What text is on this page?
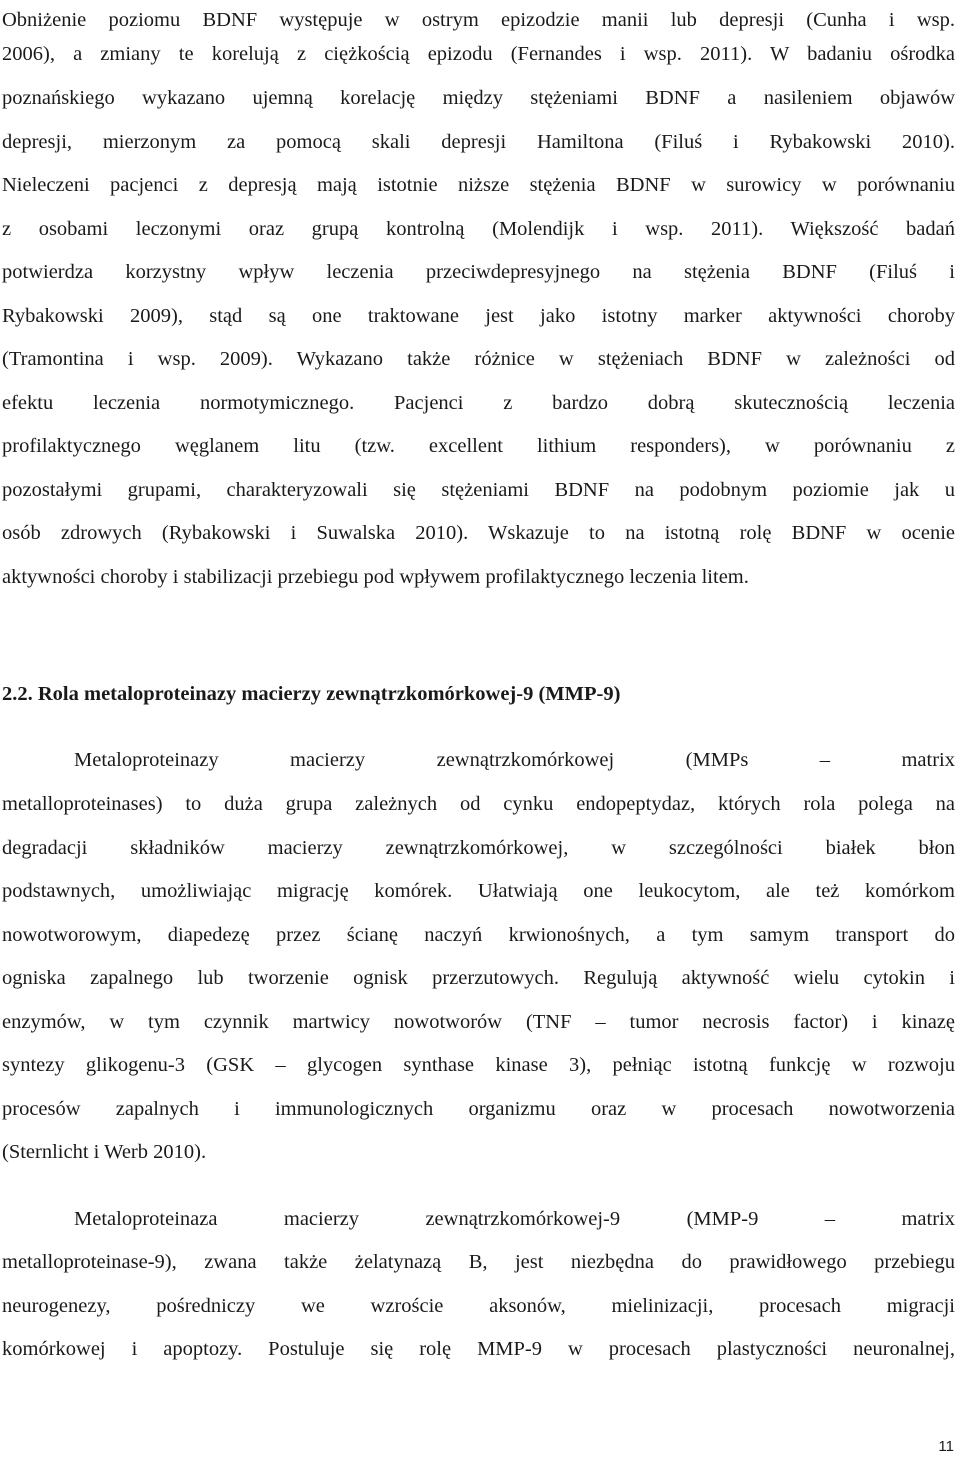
Obniżenie poziomu BDNF występuje w ostrym epizodzie manii lub depresji (Cunha i wsp.
2006), a zmiany te korelują z ciężkością epizodu (Fernandes i wsp. 2011). W badaniu ośrodka
poznańskiego wykazano ujemną korelację między stężeniami BDNF a nasileniem objawów
depresji, mierzonym za pomocą skali depresji Hamiltona (Filuś i Rybakowski 2010).
Nieleczeni pacjenci z depresją mają istotnie niższe stężenia BDNF w surowicy w porównaniu
z osobami leczonymi oraz grupą kontrolną (Molendijk i wsp. 2011). Większość badań
potwierdza korzystny wpływ leczenia przeciwdepresyjnego na stężenia BDNF (Filuś i
Rybakowski 2009), stąd są one traktowane jest jako istotny marker aktywności choroby
(Tramontina i wsp. 2009). Wykazano także różnice w stężeniach BDNF w zależności od
efektu leczenia normotymicznego. Pacjenci z bardzo dobrą skutecznością leczenia
profilaktycznego węglanem litu (tzw. excellent lithium responders), w porównaniu z
pozostałymi grupami, charakteryzowali się stężeniami BDNF na podobnym poziomie jak u
osób zdrowych (Rybakowski i Suwalska 2010). Wskazuje to na istotną rolę BDNF w ocenie
aktywności choroby i stabilizacji przebiegu pod wpływem profilaktycznego leczenia litem.
2.2. Rola metaloproteinazy macierzy zewnątrzkomórkowej-9 (MMP-9)
Metaloproteinazy macierzy zewnątrzkomórkowej (MMPs – matrix
metalloproteinases) to duża grupa zależnych od cynku endopeptydaz, których rola polega na
degradacji składników macierzy zewnątrzkomórkowej, w szczególności białek błon
podstawnych, umożliwiając migrację komórek. Ułatwiają one leukocytom, ale też komórkom
nowotworowym, diapedezę przez ścianę naczyń krwionośnych, a tym samym transport do
ogniska zapalnego lub tworzenie ognisk przerzutowych. Regulują aktywność wielu cytokin i
enzymów, w tym czynnik martwicy nowotworów (TNF – tumor necrosis factor) i kinazę
syntezy glikogenu-3 (GSK – glycogen synthase kinase 3), pełniąc istotną funkcję w rozwoju
procesów zapalnych i immunologicznych organizmu oraz w procesach nowotworzenia
(Sternlicht i Werb 2010).
Metaloproteinaza macierzy zewnątrzkomórkowej-9 (MMP-9 – matrix
metalloproteinase-9), zwana także żelatynazą B, jest niezbędna do prawidłowego przebiegu
neurogenezy, pośredniczy we wzroście aksonów, mielinizacji, procesach migracji
komórkowej i apoptozy. Postuluje się rolę MMP-9 w procesach plastyczności neuronalnej,
11
